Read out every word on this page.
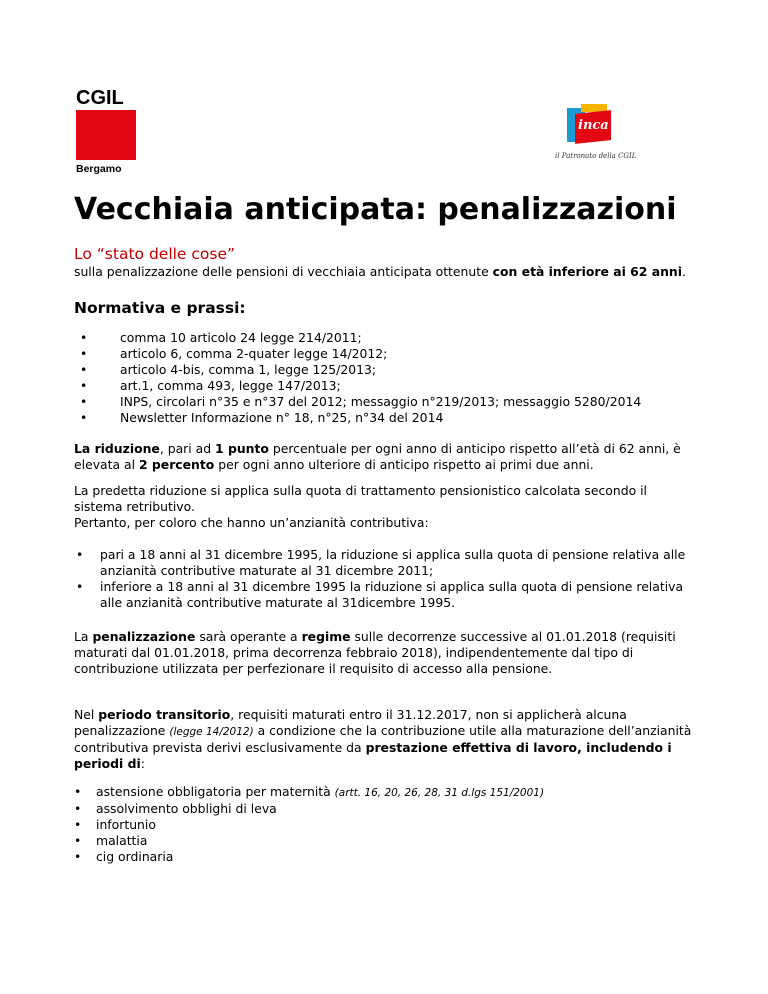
CGIL
Bergamo
inca
il Patronato della CGIL
Vecchiaia anticipata: penalizzazioni
Lo “stato delle cose”

sulla penalizzazione delle pensioni di vecchiaia anticipata ottenute con età inferiore ai 62 anni.

Normativa e prassi:
• comma 10 articolo 24 legge 214/2011;
• articolo 6, comma 2-quater legge 14/2012;
• articolo 4-bis, comma 1, legge 125/2013;
• art.1, comma 493, legge 147/2013;
• INPS, circolari n°35 e n°37 del 2012; messaggio n°219/2013; messaggio 5280/2014
• Newsletter Informazione n° 18, n°25, n°34 del 2014

La riduzione, pari ad 1 punto percentuale per ogni anno di anticipo rispetto all’età di 62 anni, è elevata al 2 percento per ogni anno ulteriore di anticipo rispetto ai primi due anni.

La predetta riduzione si applica sulla quota di trattamento pensionistico calcolata secondo il sistema retributivo.

Pertanto, per coloro che hanno un’anzianità contributiva:

• pari a 18 anni al 31 dicembre 1995, la riduzione si applica sulla quota di pensione relativa alle anzianità contributive maturate al 31 dicembre 2011;
• inferiore a 18 anni al 31 dicembre 1995 la riduzione si applica sulla quota di pensione relativa alle anzianità contributive maturate al 31dicembre 1995.

La penalizzazione sarà operante a regime sulle decorrenze successive al 01.01.2018 (requisiti maturati dal 01.01.2018, prima decorrenza febbraio 2018), indipendentemente dal tipo di contribuzione utilizzata per perfezionare il requisito di accesso alla pensione.

Nel periodo transitorio, requisiti maturati entro il 31.12.2017, non si applicherà alcuna penalizzazione (legge 14/2012) a condizione che la contribuzione utile alla maturazione dell’anzianità contributiva prevista derivi esclusivamente da prestazione effettiva di lavoro, includendo i periodi di:

• astensione obbligatoria per maternità (artt. 16, 20, 26, 28, 31 d.lgs 151/2001)
• assolvimento obblighi di leva
• infortunio
• malattia
• cig ordinaria
